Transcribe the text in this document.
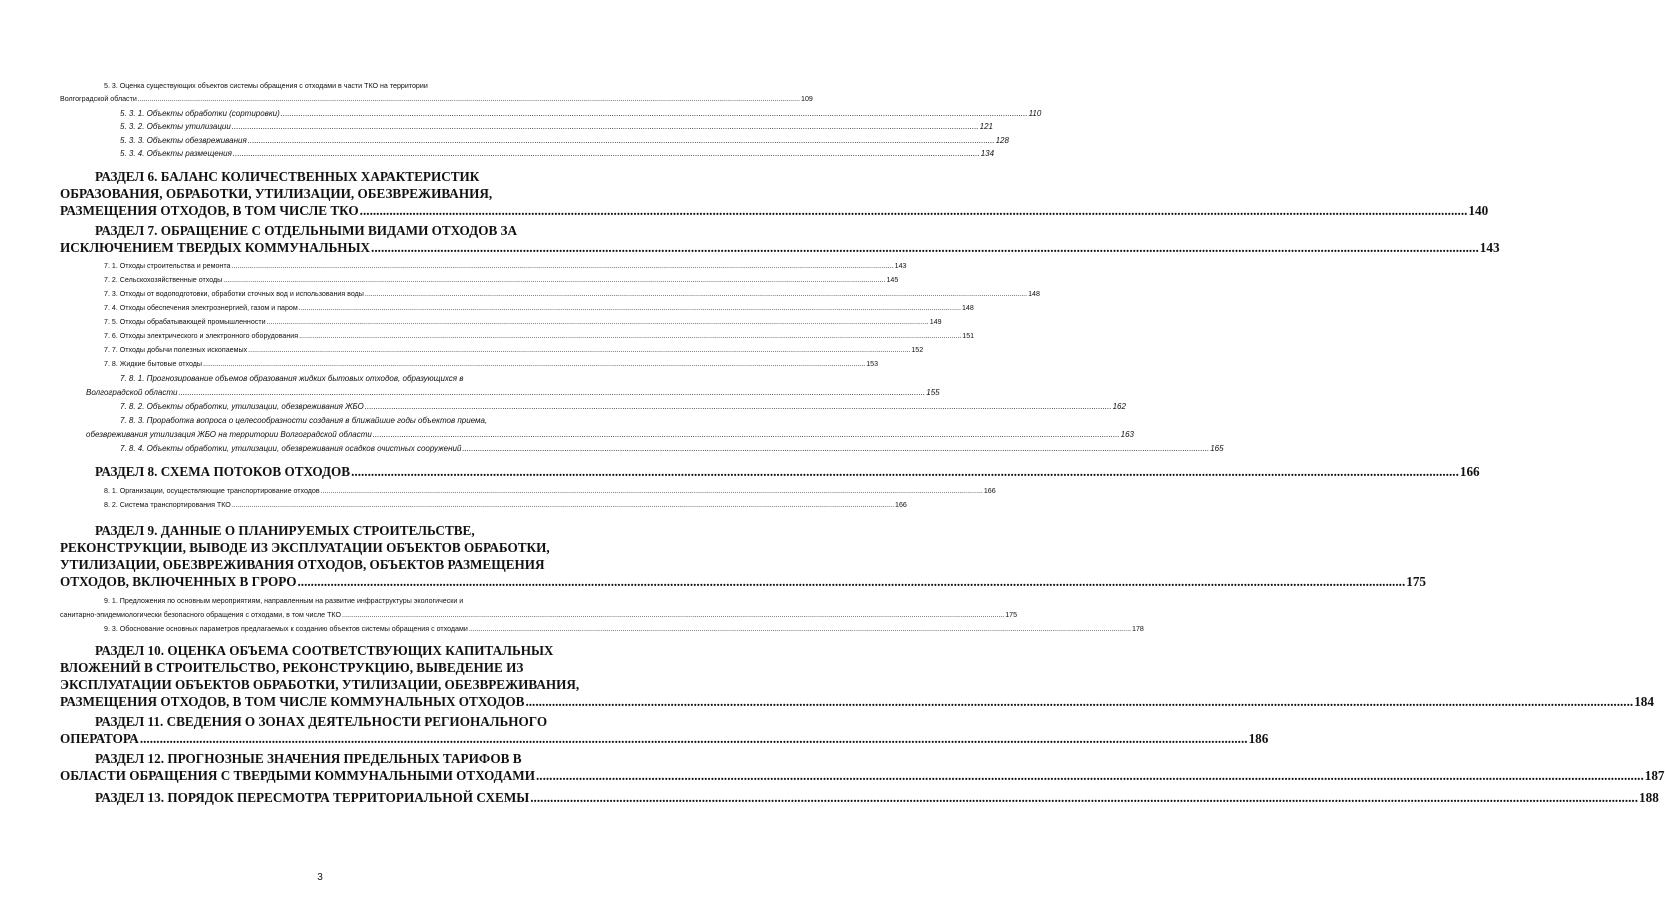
5. 3. Оценка существующих объектов системы обращения с отходами в части ТКО на территории
Волгоградской области .....	109
5. 3. 1. Объекты обработки (сортировки) .....	110
5. 3. 2. Объекты утилизации .....	121
5. 3. 3. Объекты обезвреживания .....	128
5. 3. 4. Объекты размещения .....	134
РАЗДЕЛ 6. БАЛАНС КОЛИЧЕСТВЕННЫХ ХАРАКТЕРИСТИК
ОБРАЗОВАНИЯ, ОБРАБОТКИ, УТИЛИЗАЦИИ, ОБЕЗВРЕЖИВАНИЯ,
РАЗМЕЩЕНИЯ ОТХОДОВ, В ТОМ ЧИСЛЕ ТКО .....	140
РАЗДЕЛ 7. ОБРАЩЕНИЕ С ОТДЕЛЬНЫМИ ВИДАМИ ОТХОДОВ ЗА
ИСКЛЮЧЕНИЕМ ТВЕРДЫХ КОММУНАЛЬНЫХ .....	143
7. 1. Отходы строительства и ремонта .....	143
7. 2. Сельскохозяйственные отходы .....	145
7. 3. Отходы от водоподготовки, обработки сточных вод и использования воды .....	148
7. 4. Отходы обеспечения электроэнергией, газом и паром .....	148
7. 5. Отходы обрабатывающей промышленности .....	149
7. 6. Отходы электрического и электронного оборудования .....	151
7. 7. Отходы добычи полезных ископаемых .....	152
7. 8. Жидкие бытовые отходы .....	153
7. 8. 1. Прогнозирование объемов образования жидких бытовых отходов, образующихся в
Волгоградской области .....	155
7. 8. 2. Объекты обработки, утилизации, обезвреживания ЖБО .....	162
7. 8. 3. Проработка вопроса о целесообразности создания в ближайшие годы объектов приема,
обезвреживания утилизация ЖБО на территории Волгоградской области .....	163
7. 8. 4. Объекты обработки, утилизации, обезвреживания осадков очистных сооружений .....	165
РАЗДЕЛ 8. СХЕМА ПОТОКОВ ОТХОДОВ .....	166
8. 1. Организации, осуществляющие транспортирование отходов .....	166
8. 2. Система транспортирования ТКО .....	166
РАЗДЕЛ 9. ДАННЫЕ О ПЛАНИРУЕМЫХ СТРОИТЕЛЬСТВЕ,
РЕКОНСТРУКЦИИ, ВЫВОДЕ ИЗ ЭКСПЛУАТАЦИИ ОБЪЕКТОВ ОБРАБОТКИ,
УТИЛИЗАЦИИ, ОБЕЗВРЕЖИВАНИЯ ОТХОДОВ, ОБЪЕКТОВ РАЗМЕЩЕНИЯ
ОТХОДОВ, ВКЛЮЧЕННЫХ В ГРОРО .....	175
9. 1. Предложения по основным мероприятиям, направленным на развитие инфраструктуры экологически и
санитарно-эпидемиологически безопасного обращения с отходами, в том числе ТКО .....	175
9. 3. Обоснование основных параметров предлагаемых к созданию объектов системы обращения с отходами .....	178
РАЗДЕЛ 10. ОЦЕНКА ОБЪЕМА СООТВЕТСТВУЮЩИХ КАПИТАЛЬНЫХ
ВЛОЖЕНИЙ В СТРОИТЕЛЬСТВО, РЕКОНСТРУКЦИЮ, ВЫВЕДЕНИЕ ИЗ
ЭКСПЛУАТАЦИИ ОБЪЕКТОВ ОБРАБОТКИ, УТИЛИЗАЦИИ, ОБЕЗВРЕЖИВАНИЯ,
РАЗМЕЩЕНИЯ ОТХОДОВ, В ТОМ ЧИСЛЕ КОММУНАЛЬНЫХ ОТХОДОВ .....	184
РАЗДЕЛ 11. СВЕДЕНИЯ О ЗОНАХ ДЕЯТЕЛЬНОСТИ РЕГИОНАЛЬНОГО
ОПЕРАТОРА .....	186
РАЗДЕЛ 12. ПРОГНОЗНЫЕ ЗНАЧЕНИЯ ПРЕДЕЛЬНЫХ ТАРИФОВ В
ОБЛАСТИ ОБРАЩЕНИЯ С ТВЕРДЫМИ КОММУНАЛЬНЫМИ ОТХОДАМИ .....	187
РАЗДЕЛ 13. ПОРЯДОК ПЕРЕСМОТРА ТЕРРИТОРИАЛЬНОЙ СХЕМЫ .....	188
3
